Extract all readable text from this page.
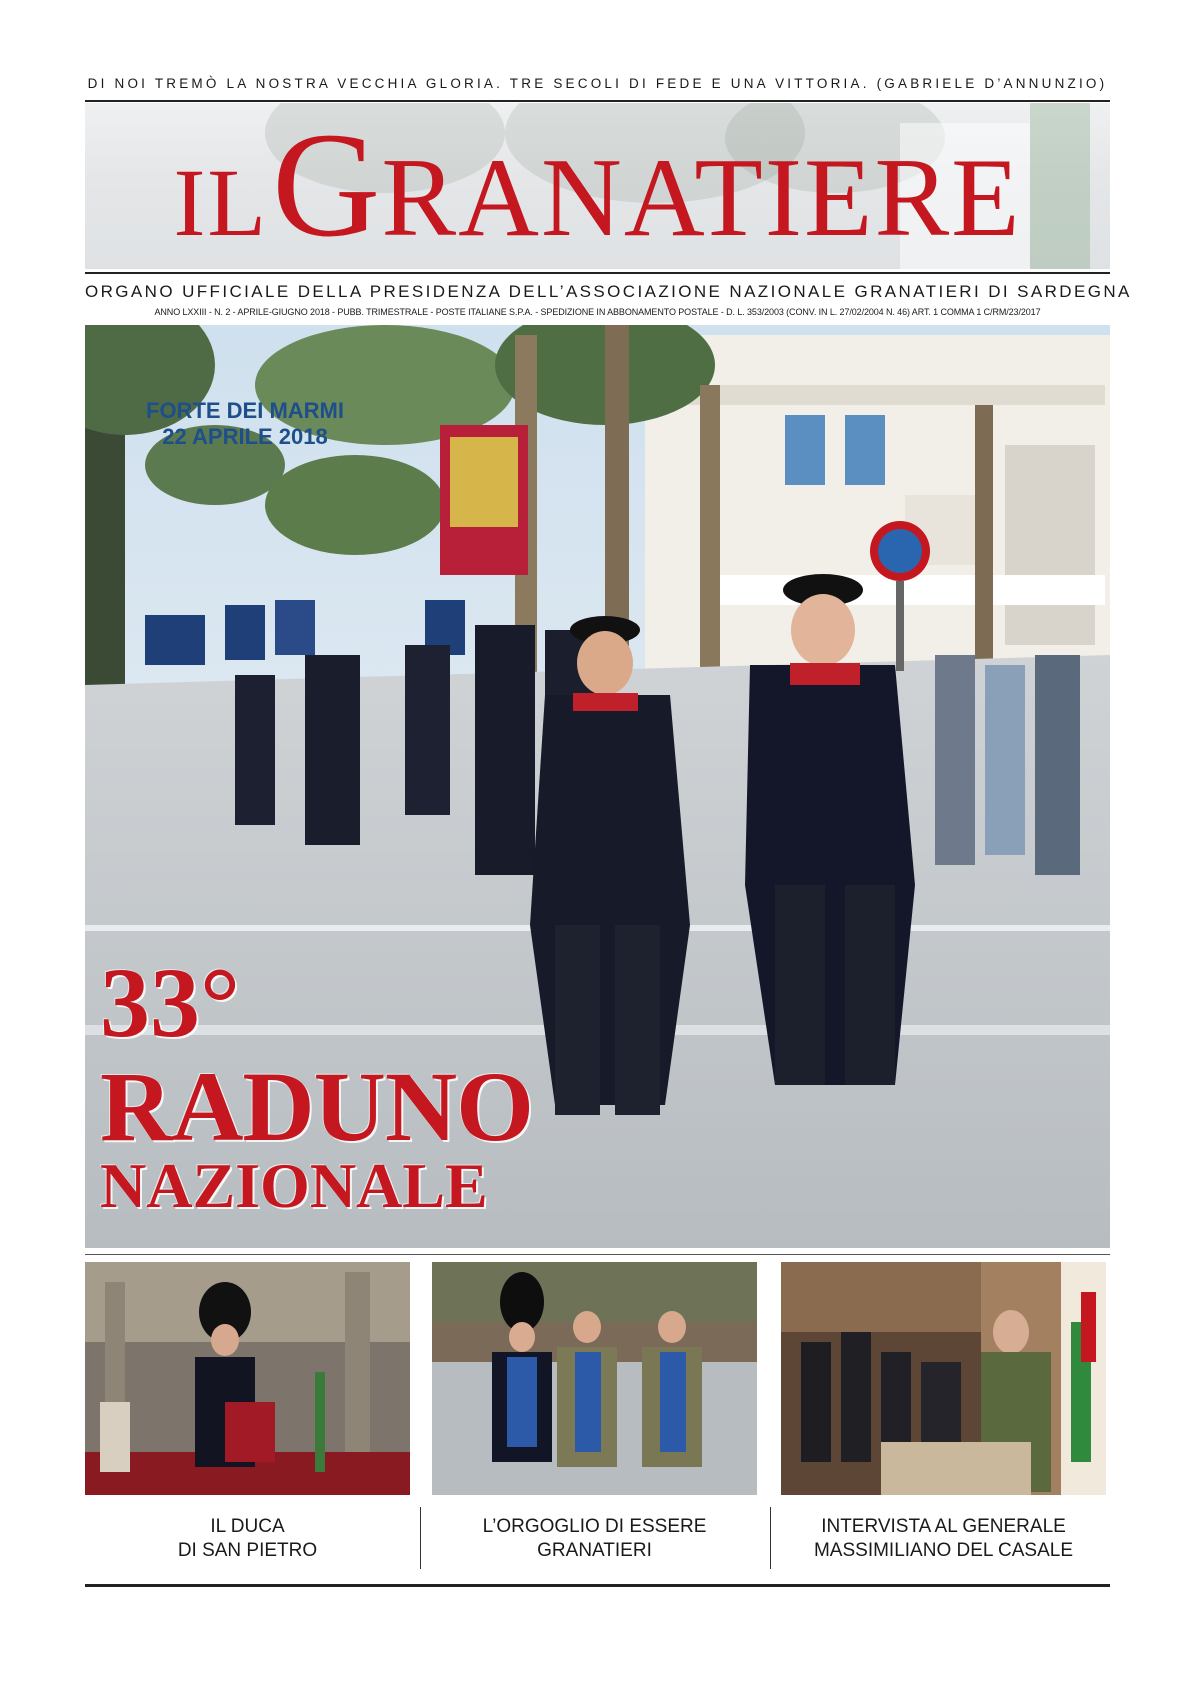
DI NOI TREMÒ LA NOSTRA VECCHIA GLORIA. TRE SECOLI DI FEDE E UNA VITTORIA. (GABRIELE D’ANNUNZIO)
IL GRANATIERE
ORGANO UFFICIALE DELLA PRESIDENZA DELL’ASSOCIAZIONE NAZIONALE GRANATIERI DI SARDEGNA
ANNO LXXIII - N. 2 - APRILE-GIUGNO 2018 - PUBB. TRIMESTRALE - POSTE ITALIANE S.P.A. - SPEDIZIONE IN ABBONAMENTO POSTALE - D. L. 353/2003 (CONV. IN L. 27/02/2004 N. 46) ART. 1 COMMA 1 C/RM/23/2017
FORTE DEI MARMI
22 APRILE 2018
33°
RADUNO
NAZIONALE
IL DUCA
DI SAN PIETRO
L’ORGOGLIO DI ESSERE
GRANATIERI
INTERVISTA AL GENERALE
MASSIMILIANO DEL CASALE
